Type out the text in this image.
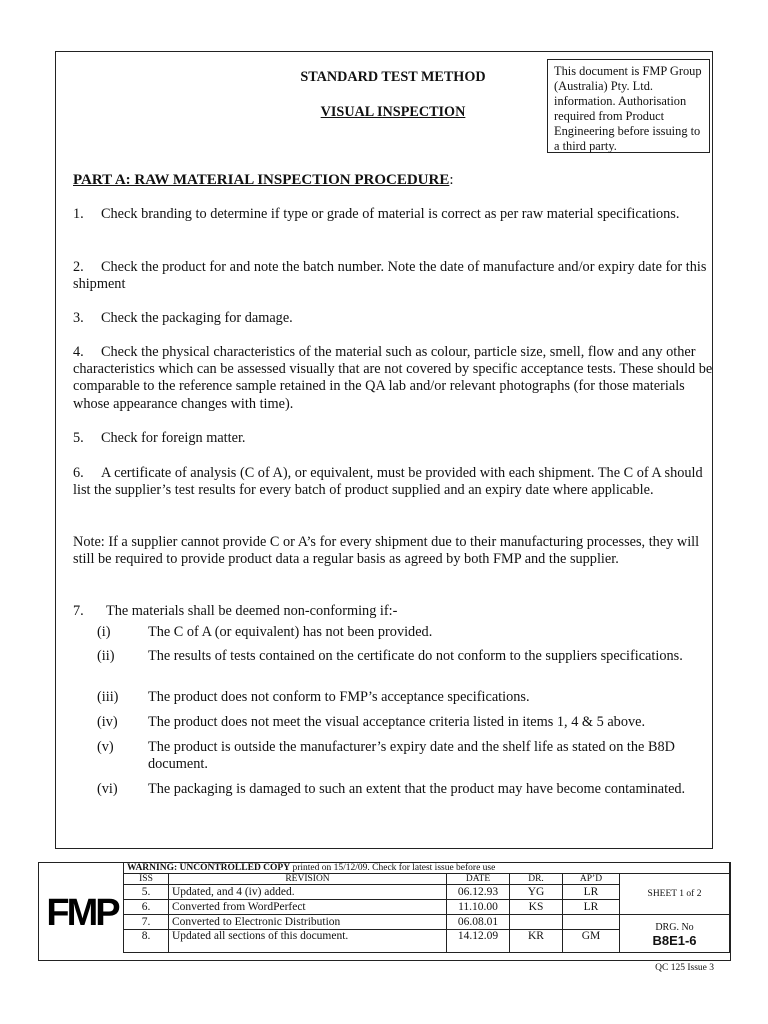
This document is FMP Group (Australia) Pty. Ltd. information. Authorisation required from Product Engineering before issuing to a third party.
STANDARD TEST METHOD
VISUAL INSPECTION
PART A: RAW MATERIAL INSPECTION PROCEDURE:
1. Check branding to determine if type or grade of material is correct as per raw material specifications.
2. Check the product for and note the batch number. Note the date of manufacture and/or expiry date for this shipment
3. Check the packaging for damage.
4. Check the physical characteristics of the material such as colour, particle size, smell, flow and any other characteristics which can be assessed visually that are not covered by specific acceptance tests. These should be comparable to the reference sample retained in the QA lab and/or relevant photographs (for those materials whose appearance changes with time).
5. Check for foreign matter.
6. A certificate of analysis (C of A), or equivalent, must be provided with each shipment. The C of A should list the supplier’s test results for every batch of product supplied and an expiry date where applicable.
Note: If a supplier cannot provide C or A’s for every shipment due to their manufacturing processes, they will still be required to provide product data a regular basis as agreed by both FMP and the supplier.
7. The materials shall be deemed non-conforming if:-
(i)	The C of A (or equivalent) has not been provided.
(ii) The results of tests contained on the certificate do not conform to the suppliers specifications.
(iii) The product does not conform to FMP’s acceptance specifications.
(iv) The product does not meet the visual acceptance criteria listed in items 1, 4 & 5 above.
(v) The product is outside the manufacturer’s expiry date and the shelf life as stated on the B8D document.
(vi) The packaging is damaged to such an extent that the product may have become contaminated.
FMP
WARNING: UNCONTROLLED COPY printed on 15/12/09. Check for latest issue before use					
ISS	REVISION	DATE	DR.	AP’D	SHEET 1 of 2
5.	Updated, and 4 (iv) added.	06.12.93	YG	LR	
6.	Converted from WordPerfect	11.10.00	KS	LR	
7.	Converted to Electronic Distribution	06.08.01			DRG. No
B8E1-6

8.	Updated all sections of this document.	14.12.09	KR	GM	
QC 125 Issue 3
